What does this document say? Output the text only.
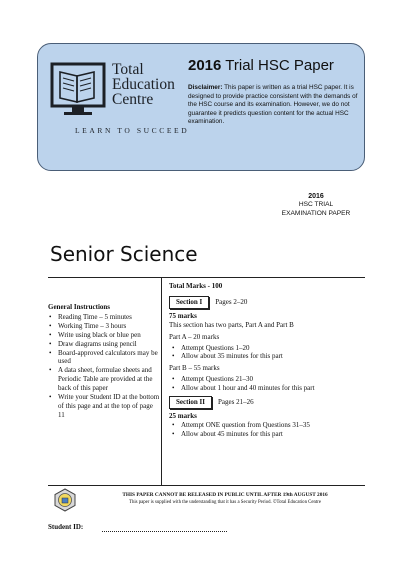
Total
Education
Centre
LEARN TO SUCCEED
2016 Trial HSC Paper
Disclaimer: This paper is written as a trial HSC paper. It is designed to provide practice consistent with the demands of the HSC course and its examination. However, we do not guarantee it predicts question content for the actual HSC examination.
2016
HSC TRIAL
EXAMINATION PAPER
Senior Science
General Instructions
• Reading Time – 5 minutes
• Working Time – 3 hours
• Write using black or blue pen
• Draw diagrams using pencil
• Board-approved calculators may be used
• A data sheet, formulae sheets and Periodic Table are provided at the back of this paper
• Write your Student ID at the bottom of this page and at the top of page 11
Total Marks - 100
Section I	Pages 2–20
75 marks
This section has two parts, Part A and Part B
Part A – 20 marks
• Attempt Questions 1–20
• Allow about 35 minutes for this part
Part B – 55 marks
• Attempt Questions 21–30
• Allow about 1 hour and 40 minutes for this part
Section II	Pages 21–26
25 marks
• Attempt ONE question from Questions 31–35
• Allow about 45 minutes for this part
THIS PAPER CANNOT BE RELEASED IN PUBLIC UNTIL AFTER 19th AUGUST 2016
This paper is supplied with the understanding that it has a Security Period. ©Total Education Centre
Student ID:
